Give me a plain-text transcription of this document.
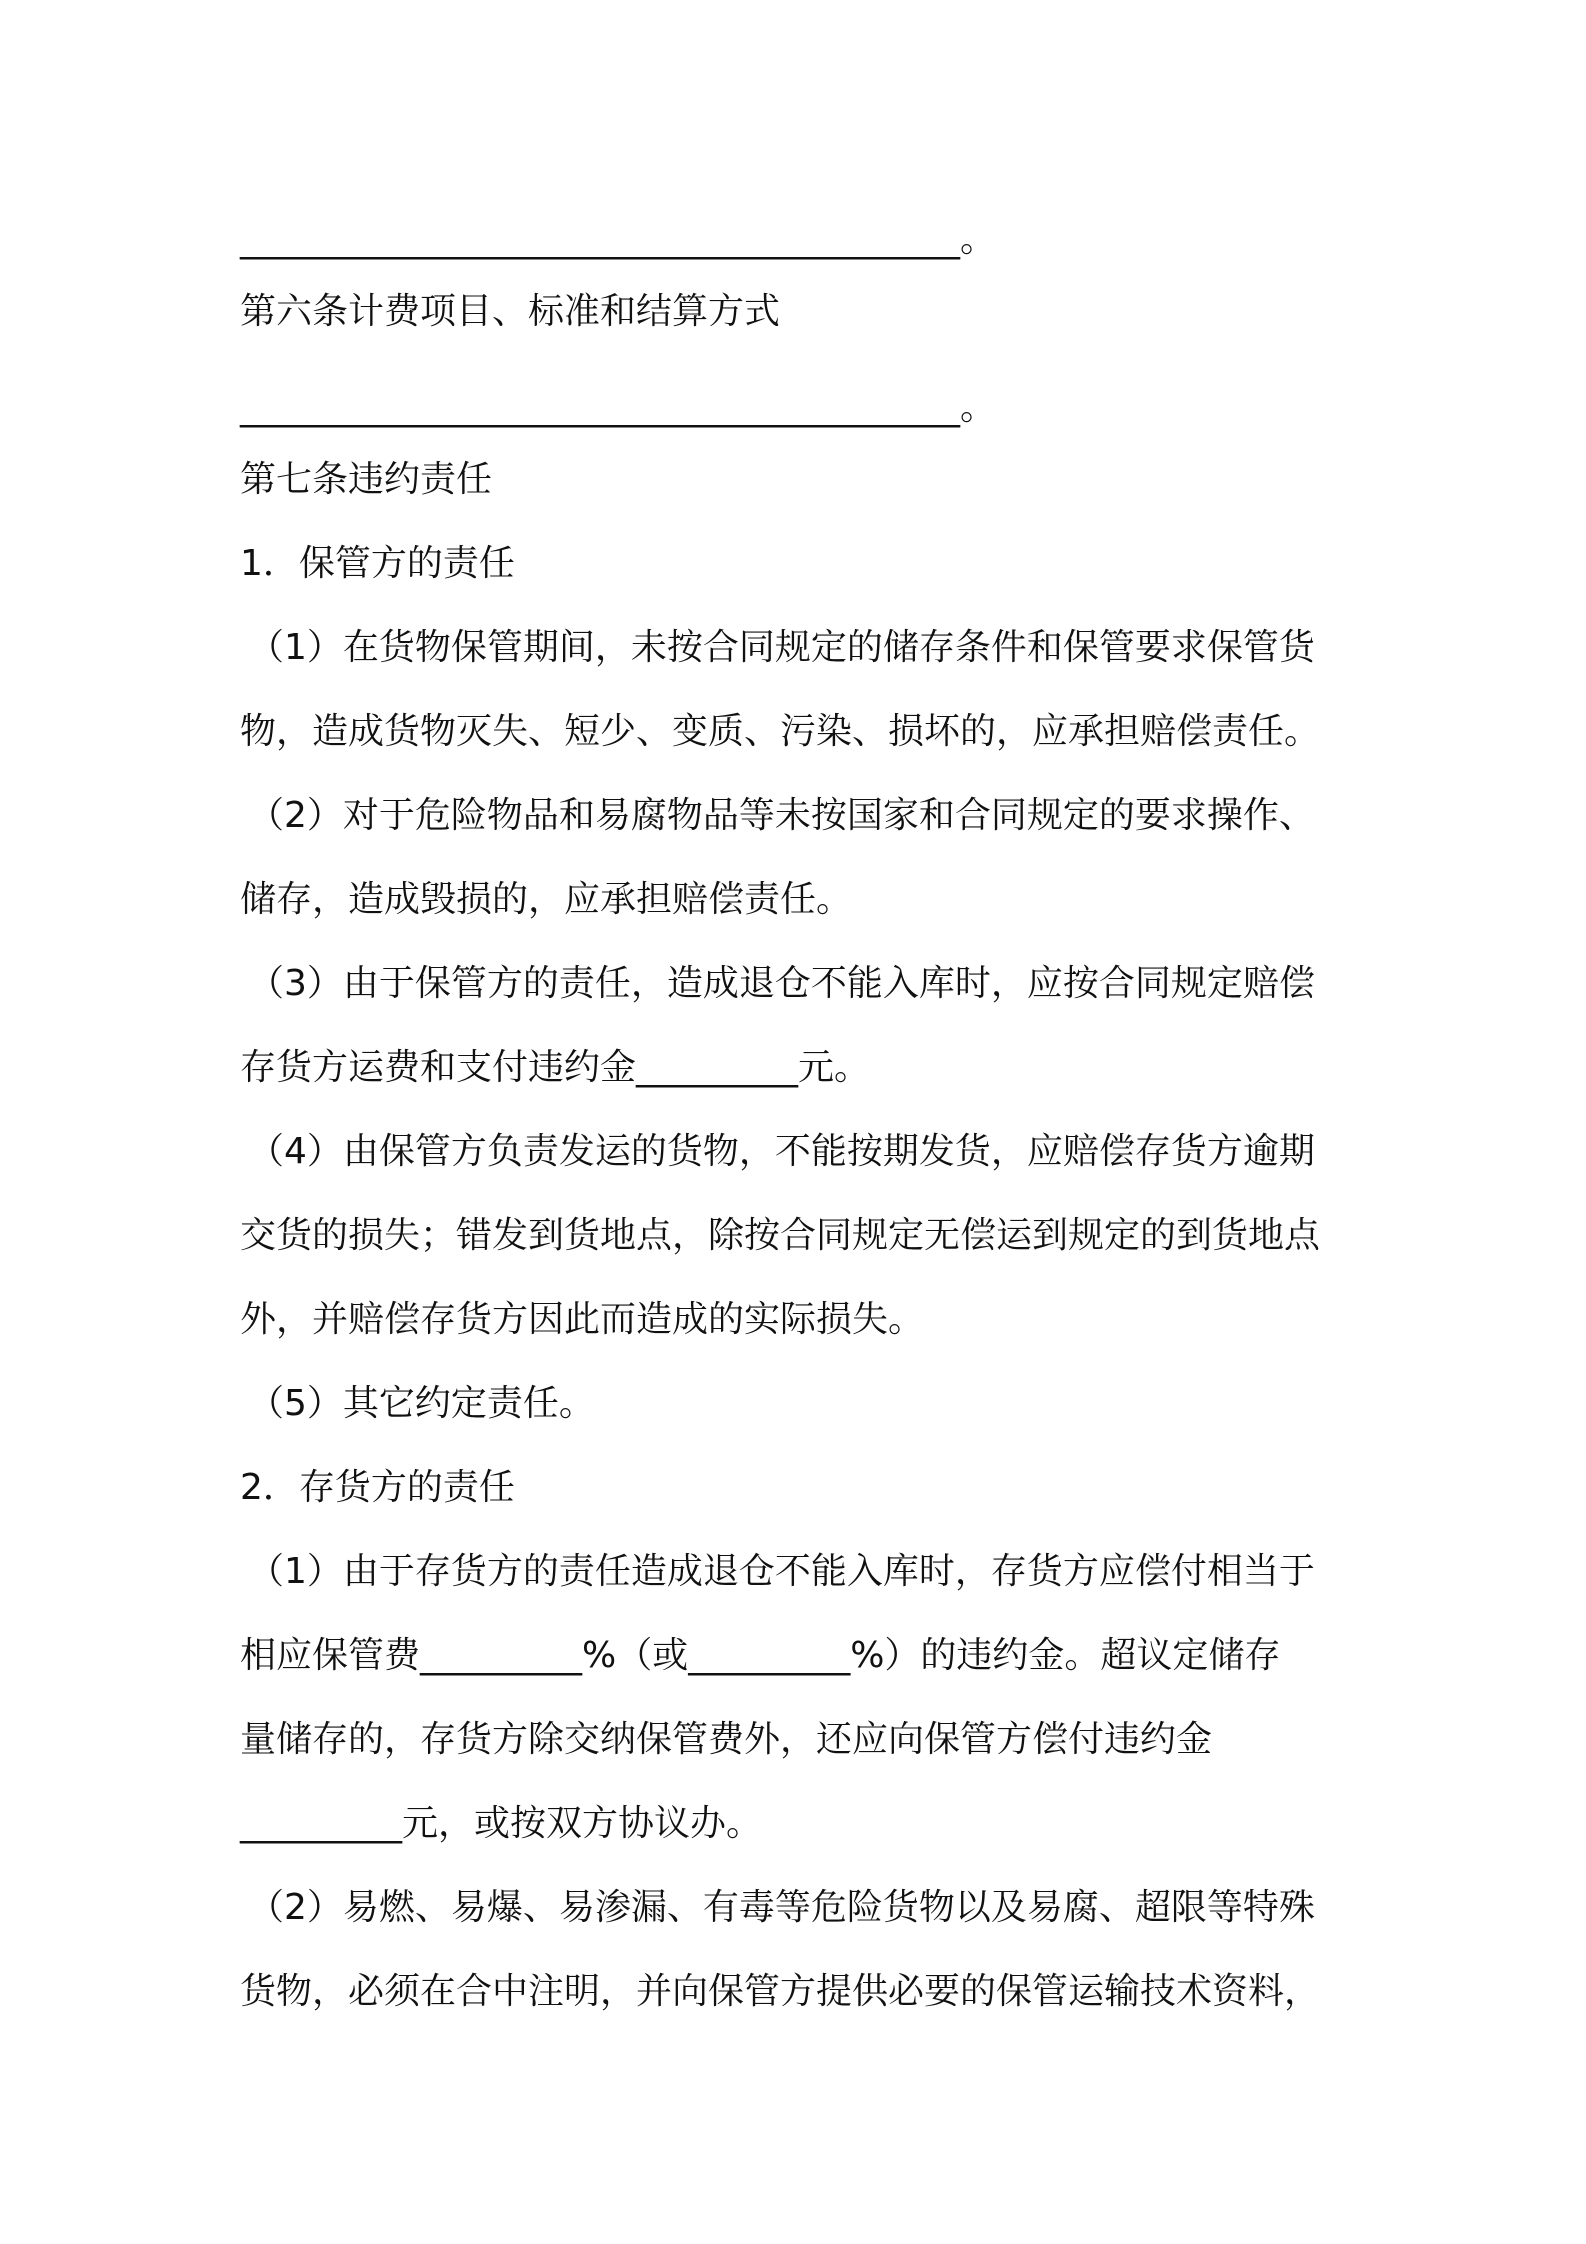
________________________________________。
第六条计费项目、标准和结算方式
________________________________________。
第七条违约责任
1．保管方的责任
（1）在货物保管期间，未按合同规定的储存条件和保管要求保管货
物，造成货物灭失、短少、变质、污染、损坏的，应承担赔偿责任。
（2）对于危险物品和易腐物品等未按国家和合同规定的要求操作、
储存，造成毁损的，应承担赔偿责任。
（3）由于保管方的责任，造成退仓不能入库时，应按合同规定赔偿
存货方运费和支付违约金_________元。
（4）由保管方负责发运的货物，不能按期发货，应赔偿存货方逾期
交货的损失；错发到货地点，除按合同规定无偿运到规定的到货地点
外，并赔偿存货方因此而造成的实际损失。
（5）其它约定责任。
2．存货方的责任
（1）由于存货方的责任造成退仓不能入库时，存货方应偿付相当于
相应保管费_________%（或_________%）的违约金。超议定储存
量储存的，存货方除交纳保管费外，还应向保管方偿付违约金
_________元，或按双方协议办。
（2）易燃、易爆、易渗漏、有毒等危险货物以及易腐、超限等特殊
货物，必须在合中注明，并向保管方提供必要的保管运输技术资料，
